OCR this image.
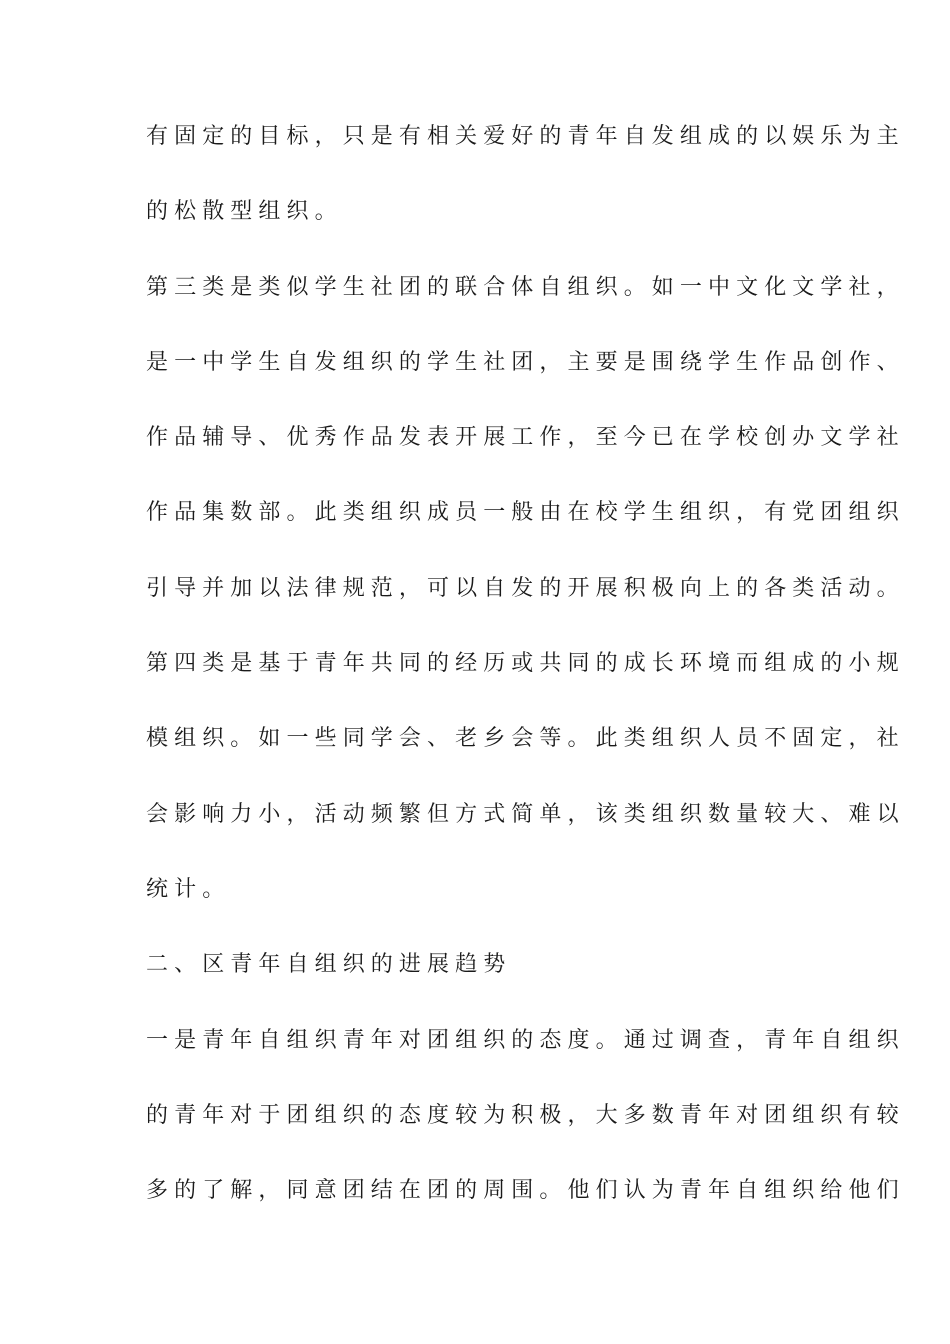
有固定的目标，只是有相关爱好的青年自发组成的以娱乐为主
的松散型组织。
第三类是类似学生社团的联合体自组织。如一中文化文学社，
是一中学生自发组织的学生社团，主要是围绕学生作品创作、
作品辅导、优秀作品发表开展工作，至今已在学校创办文学社
作品集数部。此类组织成员一般由在校学生组织，有党团组织
引导并加以法律规范，可以自发的开展积极向上的各类活动。
第四类是基于青年共同的经历或共同的成长环境而组成的小规
模组织。如一些同学会、老乡会等。此类组织人员不固定，社
会影响力小，活动频繁但方式简单，该类组织数量较大、难以
统计。
二、区青年自组织的进展趋势
一是青年自组织青年对团组织的态度。通过调查，青年自组织
的青年对于团组织的态度较为积极，大多数青年对团组织有较
多的了解，同意团结在团的周围。他们认为青年自组织给他们
